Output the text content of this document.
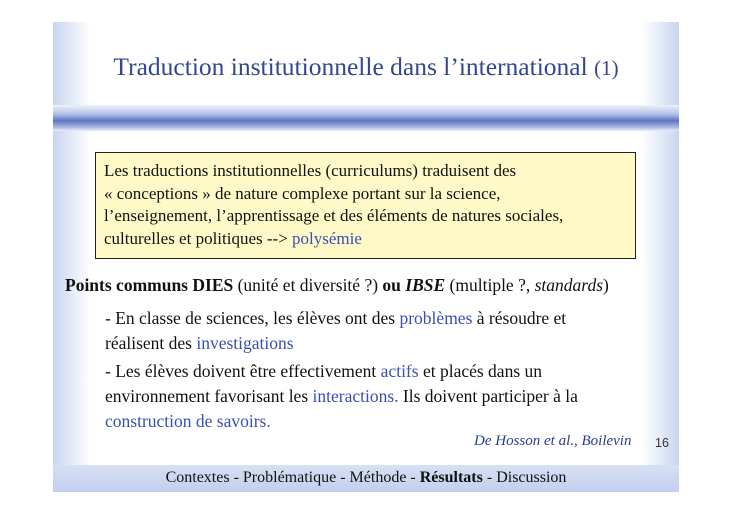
Traduction institutionnelle dans l’international (1)
Les traductions institutionnelles (curriculums) traduisent des
« conceptions » de nature complexe portant sur la science,
l’enseignement, l’apprentissage et des éléments de natures sociales,
culturelles et politiques --> polysémie
Points communs DIES (unité et diversité ?) ou IBSE (multiple ?, standards)
- En classe de sciences, les élèves ont des problèmes à résoudre et
réalisent des investigations
- Les élèves doivent être effectivement actifs et placés dans un
environnement favorisant les interactions. Ils doivent participer à la
construction de savoirs.
De Hosson et al., Boilevin 16
Contextes - Problématique - Méthode - Résultats - Discussion
